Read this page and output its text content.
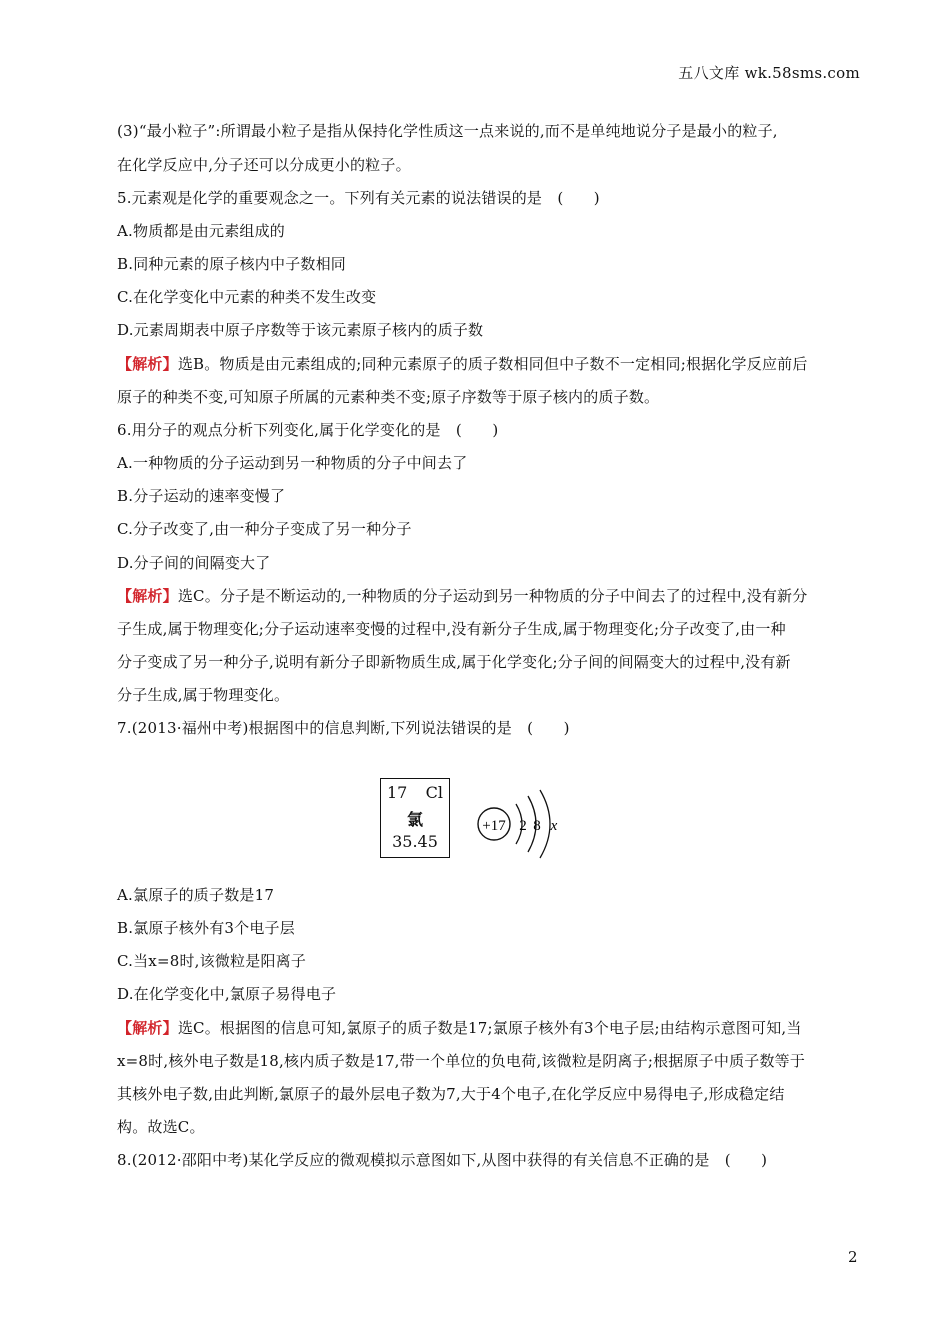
五八文库 wk.58sms.com
(3)“最小粒子”:所谓最小粒子是指从保持化学性质这一点来说的,而不是单纯地说分子是最小的粒子,
在化学反应中,分子还可以分成更小的粒子。
5.元素观是化学的重要观念之一。下列有关元素的说法错误的是　(　　)
A.物质都是由元素组成的
B.同种元素的原子核内中子数相同
C.在化学变化中元素的种类不发生改变
D.元素周期表中原子序数等于该元素原子核内的质子数
【解析】选B。物质是由元素组成的;同种元素原子的质子数相同但中子数不一定相同;根据化学反应前后
原子的种类不变,可知原子所属的元素种类不变;原子序数等于原子核内的质子数。
6.用分子的观点分析下列变化,属于化学变化的是　(　　)
A.一种物质的分子运动到另一种物质的分子中间去了
B.分子运动的速率变慢了
C.分子改变了,由一种分子变成了另一种分子
D.分子间的间隔变大了
【解析】选C。分子是不断运动的,一种物质的分子运动到另一种物质的分子中间去了的过程中,没有新分
子生成,属于物理变化;分子运动速率变慢的过程中,没有新分子生成,属于物理变化;分子改变了,由一种
分子变成了另一种分子,说明有新分子即新物质生成,属于化学变化;分子间的间隔变大的过程中,没有新
分子生成,属于物理变化。
7.(2013·福州中考)根据图中的信息判断,下列说法错误的是　(　　)
17 Cl
氯
35.45
+17 2 8 x
A.氯原子的质子数是17
B.氯原子核外有3个电子层
C.当x=8时,该微粒是阳离子
D.在化学变化中,氯原子易得电子
【解析】选C。根据图的信息可知,氯原子的质子数是17;氯原子核外有3个电子层;由结构示意图可知,当
x=8时,核外电子数是18,核内质子数是17,带一个单位的负电荷,该微粒是阴离子;根据原子中质子数等于
其核外电子数,由此判断,氯原子的最外层电子数为7,大于4个电子,在化学反应中易得电子,形成稳定结
构。故选C。
8.(2012·邵阳中考)某化学反应的微观模拟示意图如下,从图中获得的有关信息不正确的是　(　　)
2
